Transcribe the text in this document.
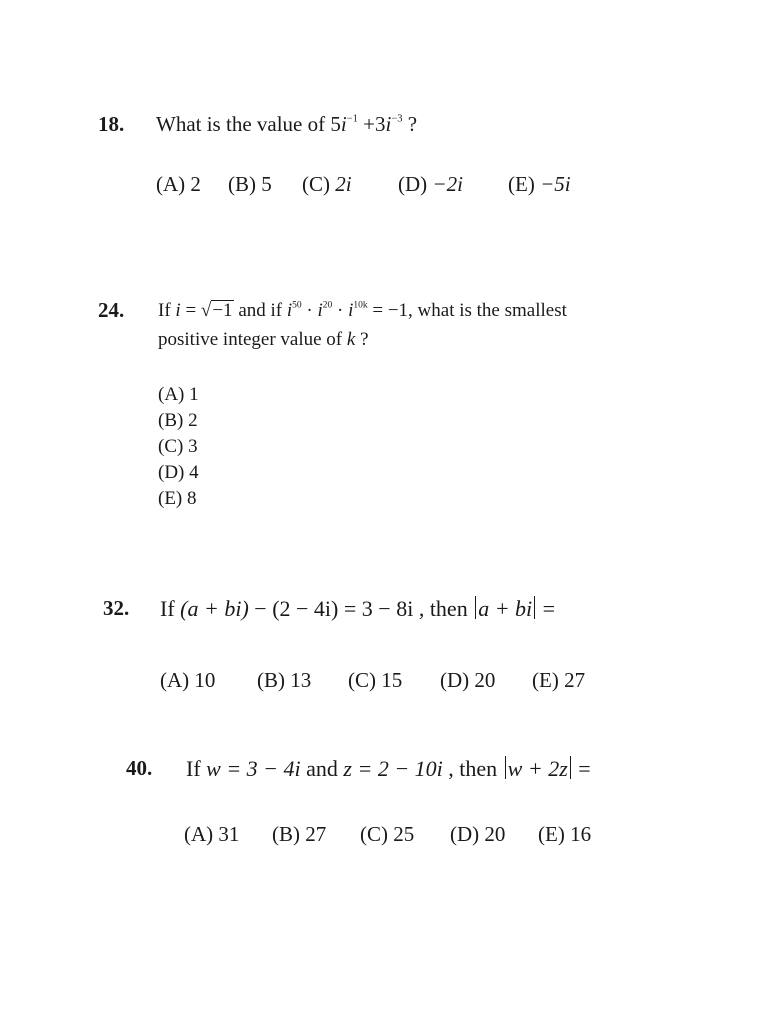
18. What is the value of $5i^{-1} +3i^{-3}$ ?
(A) 2 (B) 5 (C) 2i (D) −2i (E) −5i
24. If i = √−1 and if $i^{50} \cdot i^{20} \cdot i^{10k} = -1$, what is the smallest
positive integer value of k ?
(A) 1
(B) 2
(C) 3
(D) 4
(E) 8
32. If (a + bi) − (2 − 4i) = 3 − 8i , then a + bi =
(A) 10 (B) 13 (C) 15 (D) 20 (E) 27
40. If w = 3 − 4i and z = 2 − 10i , then w + 2z =
(A) 31 (B) 27 (C) 25 (D) 20 (E) 16
